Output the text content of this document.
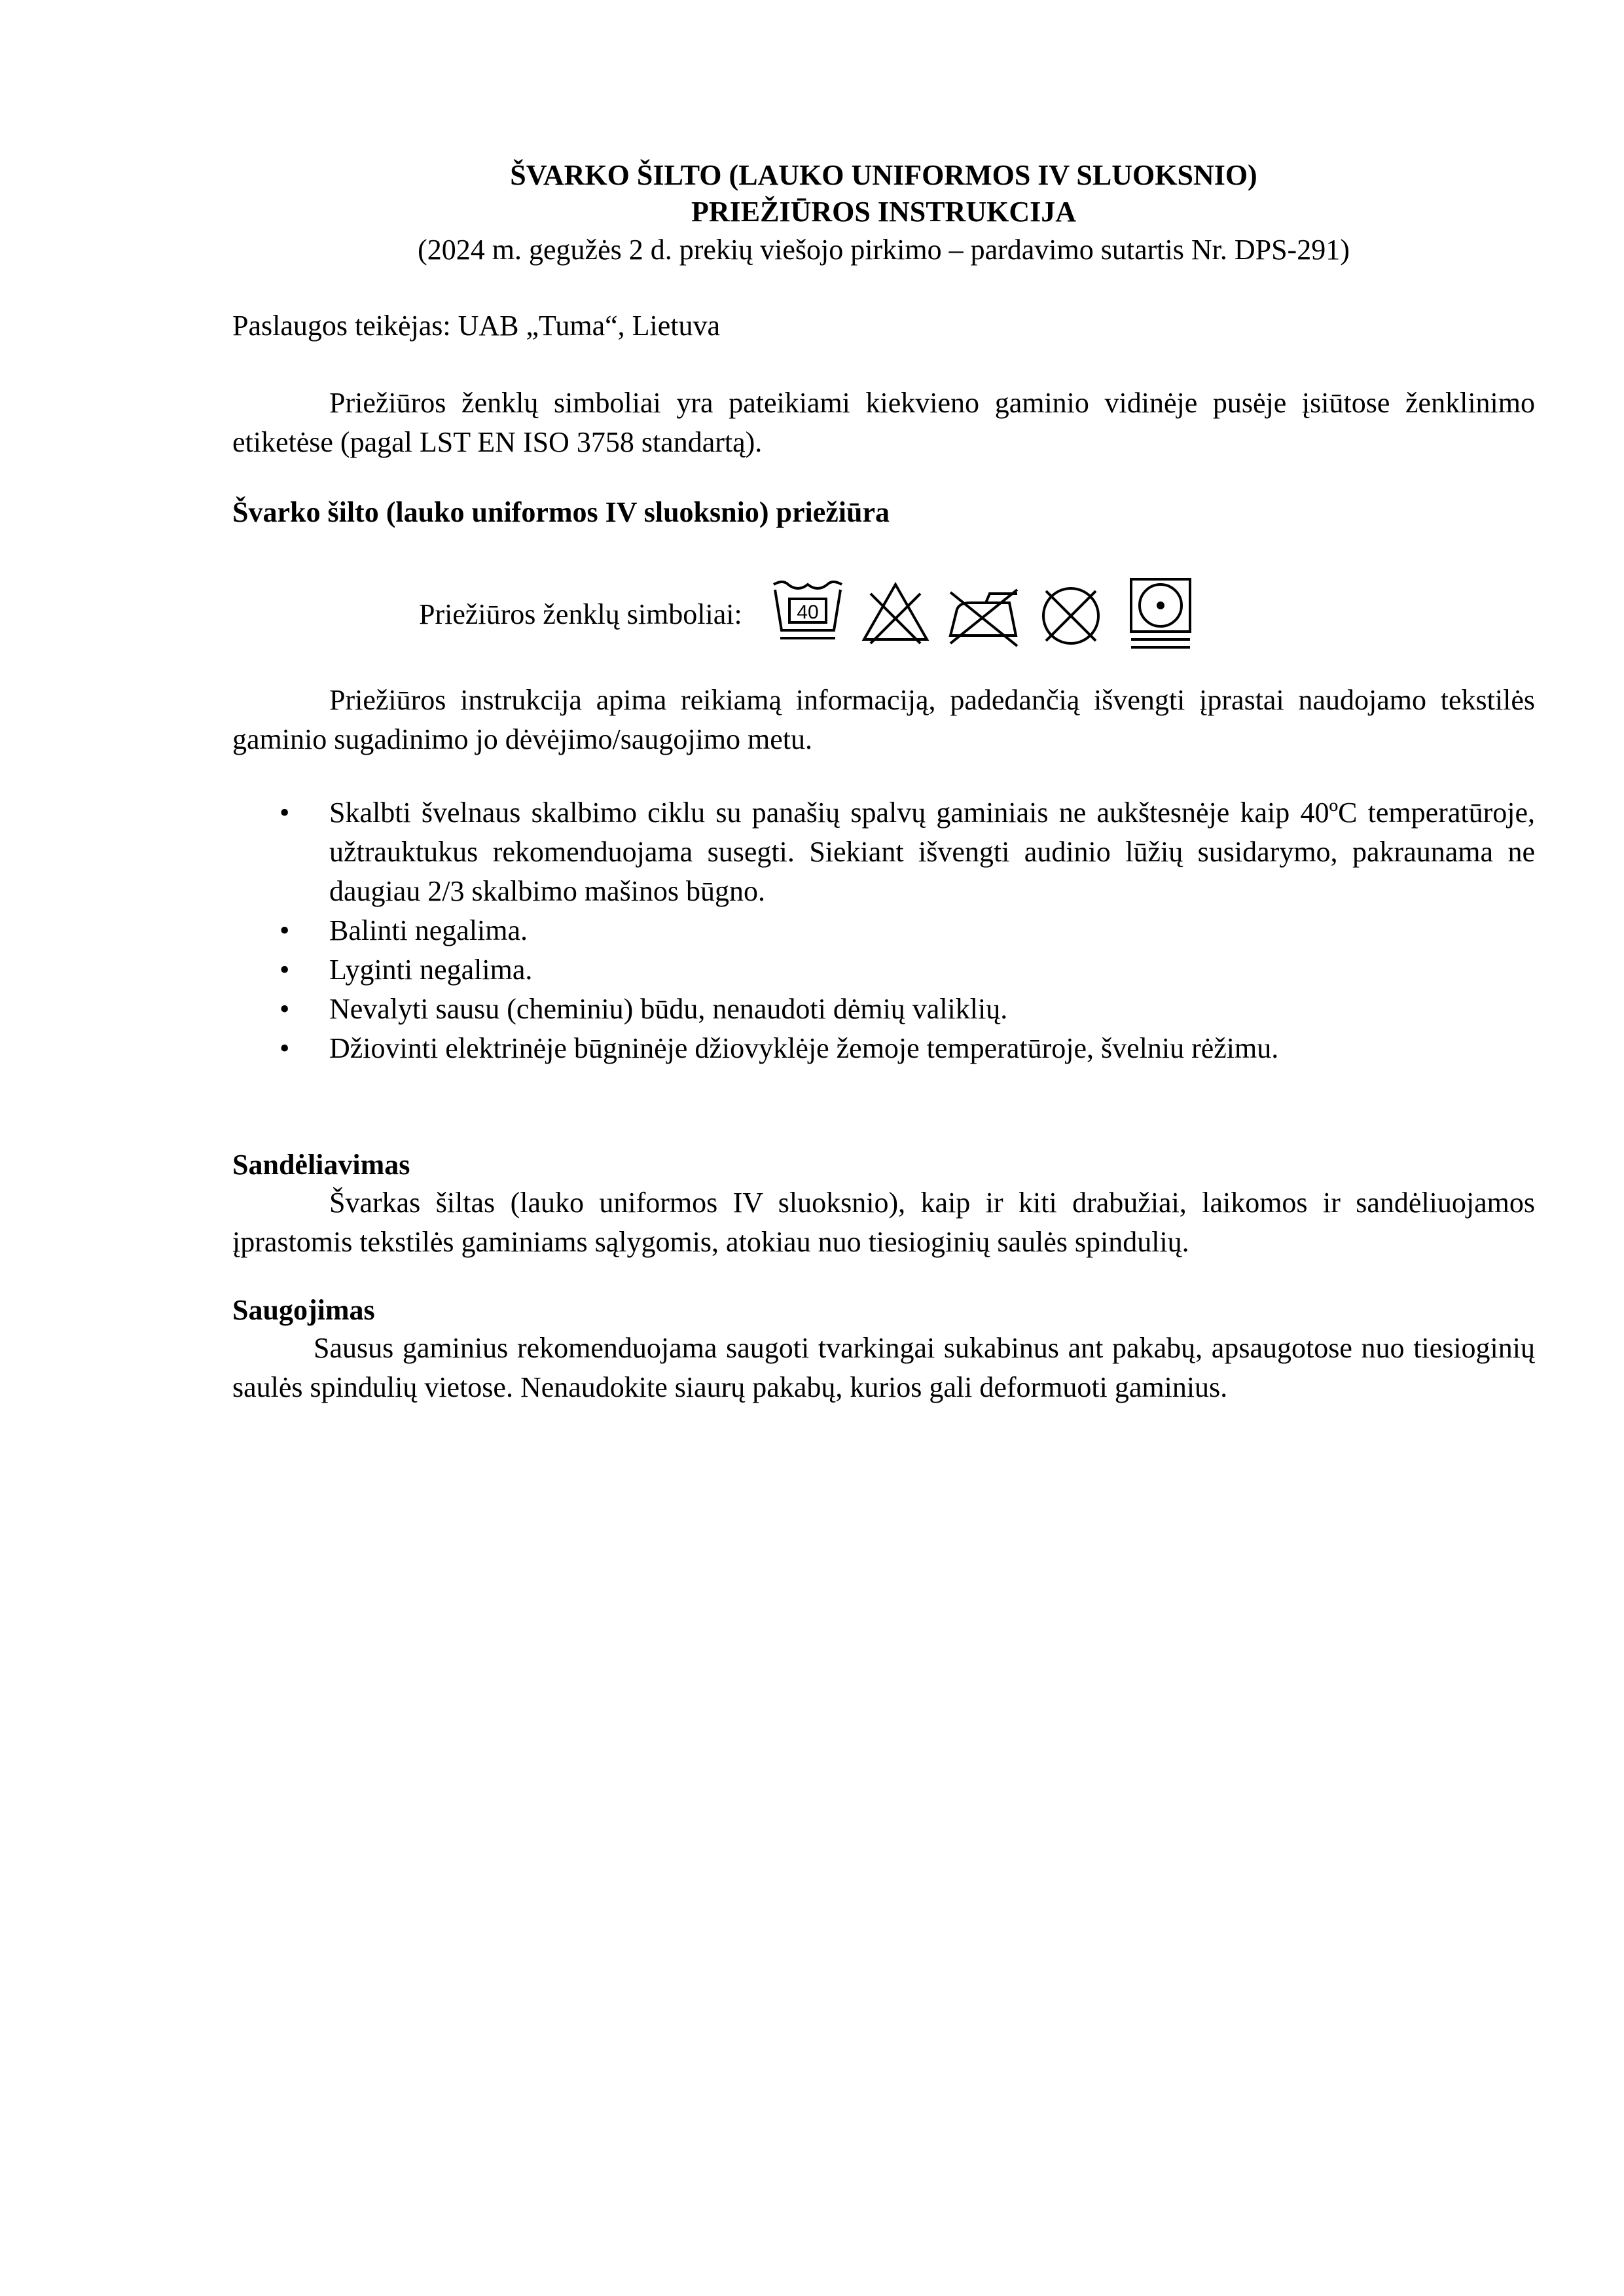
ŠVARKO ŠILTO (LAUKO UNIFORMOS IV SLUOKSNIO)
PRIEŽIŪROS INSTRUKCIJA
(2024 m. gegužės 2 d. prekių viešojo pirkimo – pardavimo sutartis Nr. DPS-291)
Paslaugos teikėjas: UAB „Tuma“, Lietuva

Priežiūros ženklų simboliai yra pateikiami kiekvieno gaminio vidinėje pusėje įsiūtose ženklinimo etiketėse (pagal LST EN ISO 3758 standartą).

Švarko šilto (lauko uniformos IV sluoksnio) priežiūra
Priežiūros ženklų simboliai:	40

Priežiūros instrukcija apima reikiamą informaciją, padedančią išvengti įprastai naudojamo tekstilės gaminio sugadinimo jo dėvėjimo/saugojimo metu.

• Skalbti švelnaus skalbimo ciklu su panašių spalvų gaminiais ne aukštesnėje kaip 40ºC temperatūroje, užtrauktukus rekomenduojama susegti. Siekiant išvengti audinio lūžių susidarymo, pakraunama ne daugiau 2/3 skalbimo mašinos būgno.
• Balinti negalima.
• Lyginti negalima.
• Nevalyti sausu (cheminiu) būdu, nenaudoti dėmių valiklių.
• Džiovinti elektrinėje būgninėje džiovyklėje žemoje temperatūroje, švelniu rėžimu.
Sandėliavimas

Švarkas šiltas (lauko uniformos IV sluoksnio), kaip ir kiti drabužiai, laikomos ir sandėliuojamos įprastomis tekstilės gaminiams sąlygomis, atokiau nuo tiesioginių saulės spindulių.

Saugojimas

Sausus gaminius rekomenduojama saugoti tvarkingai sukabinus ant pakabų, apsaugotose nuo tiesioginių saulės spindulių vietose. Nenaudokite siaurų pakabų, kurios gali deformuoti gaminius.
